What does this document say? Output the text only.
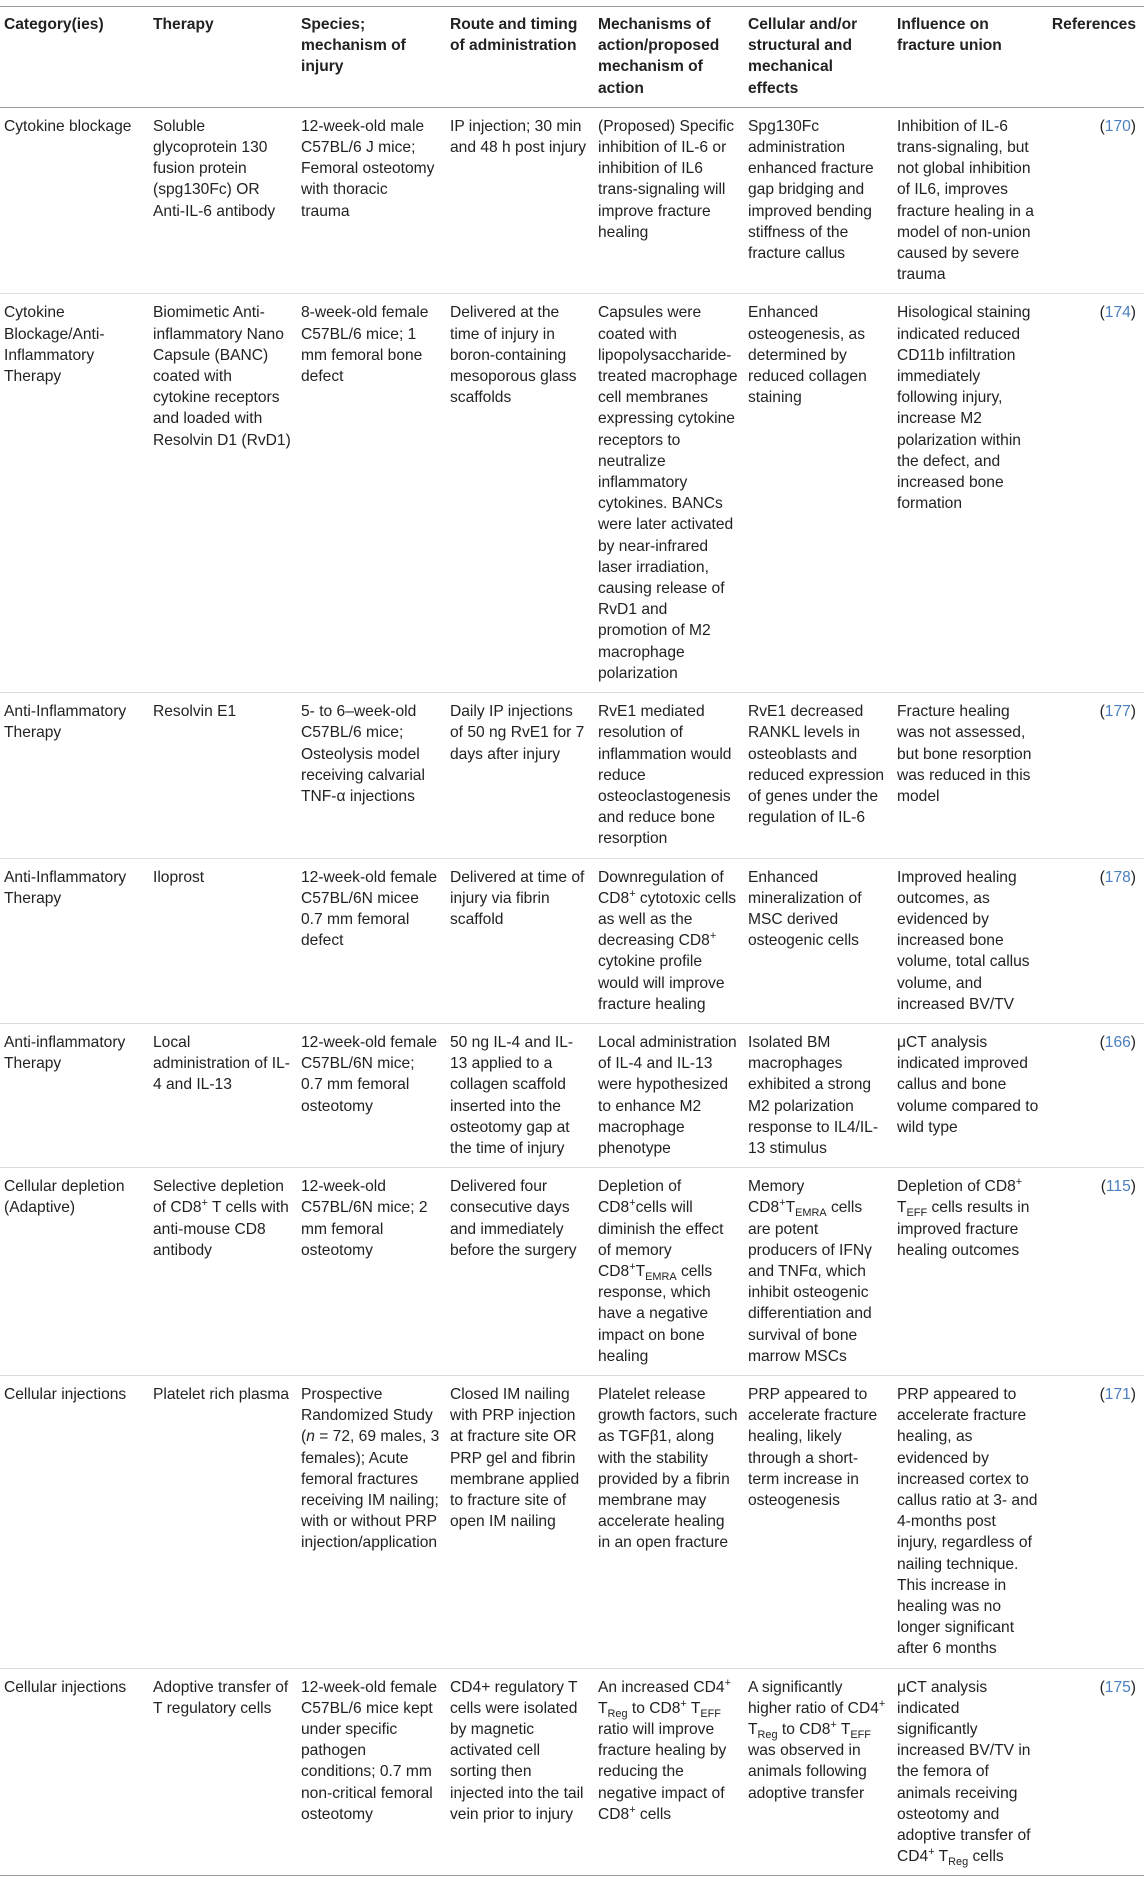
Category(ies)	Therapy	Species; mechanism of injury	Route and timing of administration	Mechanisms of action/proposed mechanism of action	Cellular and/or structural and mechanical effects	Influence on fracture union	References
Cytokine blockage	Soluble glycoprotein 130 fusion protein (spg130Fc) OR Anti-IL-6 antibody	12-week-old male C57BL/6 J mice; Femoral osteotomy with thoracic trauma	IP injection; 30 min and 48 h post injury	(Proposed) Specific inhibition of IL-6 or inhibition of IL6 trans-signaling will improve fracture healing	Spg130Fc administration enhanced fracture gap bridging and improved bending stiffness of the fracture callus	Inhibition of IL-6 trans-signaling, but not global inhibition of IL6, improves fracture healing in a model of non-union caused by severe trauma	(170)
Cytokine Blockage/Anti-Inflammatory Therapy	Biomimetic Anti-inflammatory Nano Capsule (BANC) coated with cytokine receptors and loaded with Resolvin D1 (RvD1)	8-week-old female C57BL/6 mice; 1 mm femoral bone defect	Delivered at the time of injury in boron-containing mesoporous glass scaffolds	Capsules were coated with lipopolysaccharide-treated macrophage cell membranes expressing cytokine receptors to neutralize inflammatory cytokines. BANCs were later activated by near-infrared laser irradiation, causing release of RvD1 and promotion of M2 macrophage polarization	Enhanced osteogenesis, as determined by reduced collagen staining	Hisological staining indicated reduced CD11b infiltration immediately following injury, increase M2 polarization within the defect, and increased bone formation	(174)
Anti-Inflammatory Therapy	Resolvin E1	5- to 6–week-old C57BL/6 mice; Osteolysis model receiving calvarial TNF-α injections	Daily IP injections of 50 ng RvE1 for 7 days after injury	RvE1 mediated resolution of inflammation would reduce osteoclastogenesis and reduce bone resorption	RvE1 decreased RANKL levels in osteoblasts and reduced expression of genes under the regulation of IL-6	Fracture healing was not assessed, but bone resorption was reduced in this model	(177)
Anti-Inflammatory Therapy	Iloprost	12-week-old female C57BL/6N micee 0.7 mm femoral defect	Delivered at time of injury via fibrin scaffold	Downregulation of CD8+ cytotoxic cells as well as the decreasing CD8+ cytokine profile would will improve fracture healing	Enhanced mineralization of MSC derived osteogenic cells	Improved healing outcomes, as evidenced by increased bone volume, total callus volume, and increased BV/TV	(178)
Anti-inflammatory Therapy	Local administration of IL-4 and IL-13	12-week-old female C57BL/6N mice; 0.7 mm femoral osteotomy	50 ng IL-4 and IL-13 applied to a collagen scaffold inserted into the osteotomy gap at the time of injury	Local administration of IL-4 and IL-13 were hypothesized to enhance M2 macrophage phenotype	Isolated BM macrophages exhibited a strong M2 polarization response to IL4/IL-13 stimulus	μCT analysis indicated improved callus and bone volume compared to wild type	(166)
Cellular depletion (Adaptive)	Selective depletion of CD8+ T cells with anti-mouse CD8 antibody	12-week-old C57BL/6N mice; 2 mm femoral osteotomy	Delivered four consecutive days and immediately before the surgery	Depletion of CD8+cells will diminish the effect of memory $CD8^+T_{EMRA}$ cells response, which have a negative impact on bone healing	Memory $CD8^+T_{EMRA}$ cells are potent producers of IFNγ and TNFα, which inhibit osteogenic differentiation and survival of bone marrow MSCs	Depletion of CD8+ $T_{EFF}$ cells results in improved fracture healing outcomes	(115)
Cellular injections	Platelet rich plasma	Prospective Randomized Study (n = 72, 69 males, 3 females); Acute femoral fractures receiving IM nailing; with or without PRP injection/application	Closed IM nailing with PRP injection at fracture site OR PRP gel and fibrin membrane applied to fracture site of open IM nailing	Platelet release growth factors, such as TGFβ1, along with the stability provided by a fibrin membrane may accelerate healing in an open fracture	PRP appeared to accelerate fracture healing, likely through a short-term increase in osteogenesis	PRP appeared to accelerate fracture healing, as evidenced by increased cortex to callus ratio at 3- and 4-months post injury, regardless of nailing technique. This increase in healing was no longer significant after 6 months	(171)
Cellular injections	Adoptive transfer of T regulatory cells	12-week-old female C57BL/6 mice kept under specific pathogen conditions; 0.7 mm non-critical femoral osteotomy	CD4+ regulatory T cells were isolated by magnetic activated cell sorting then injected into the tail vein prior to injury	An increased CD4+ $T_{Reg}$ to CD8+ $T_{EFF}$ ratio will improve fracture healing by reducing the negative impact of CD8+ cells	A significantly higher ratio of CD4+ $T_{Reg}$ to CD8+ $T_{EFF}$ was observed in animals following adoptive transfer	μCT analysis indicated significantly increased BV/TV in the femora of animals receiving osteotomy and adoptive transfer of CD4+ $T_{Reg}$ cells	(175)
